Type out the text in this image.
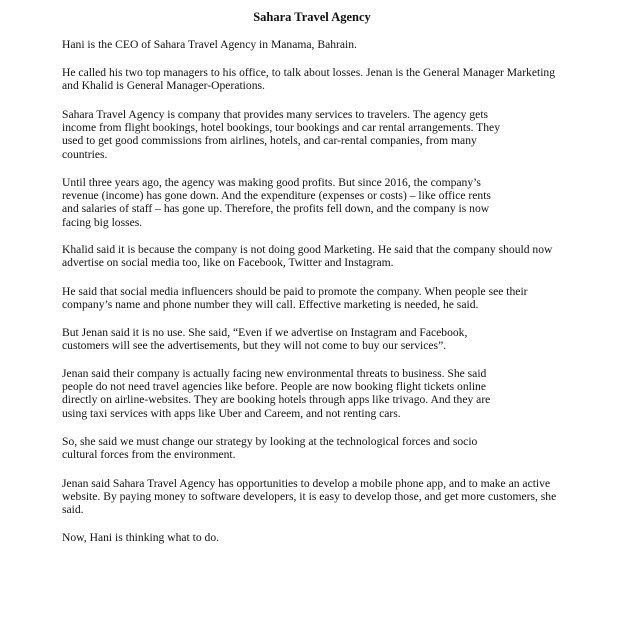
Sahara Travel Agency

Hani is the CEO of Sahara Travel Agency in Manama, Bahrain.

He called his two top managers to his office, to talk about losses. Jenan is the General Manager Marketing
and Khalid is General Manager-Operations.

Sahara Travel Agency is company that provides many services to travelers. The agency gets
income from flight bookings, hotel bookings, tour bookings and car rental arrangements. They
used to get good commissions from airlines, hotels, and car-rental companies, from many
countries.

Until three years ago, the agency was making good profits. But since 2016, the company’s
revenue (income) has gone down. And the expenditure (expenses or costs) – like office rents
and salaries of staff – has gone up. Therefore, the profits fell down, and the company is now
facing big losses.

Khalid said it is because the company is not doing good Marketing. He said that the company should now
advertise on social media too, like on Facebook, Twitter and Instagram.

He said that social media influencers should be paid to promote the company. When people see their
company’s name and phone number they will call. Effective marketing is needed, he said.

But Jenan said it is no use. She said, “Even if we advertise on Instagram and Facebook,
customers will see the advertisements, but they will not come to buy our services”.

Jenan said their company is actually facing new environmental threats to business. She said
people do not need travel agencies like before. People are now booking flight tickets online
directly on airline-websites. They are booking hotels through apps like trivago. And they are
using taxi services with apps like Uber and Careem, and not renting cars.

So, she said we must change our strategy by looking at the technological forces and socio
cultural forces from the environment.

Jenan said Sahara Travel Agency has opportunities to develop a mobile phone app, and to make an active
website. By paying money to software developers, it is easy to develop those, and get more customers, she
said.

Now, Hani is thinking what to do.
